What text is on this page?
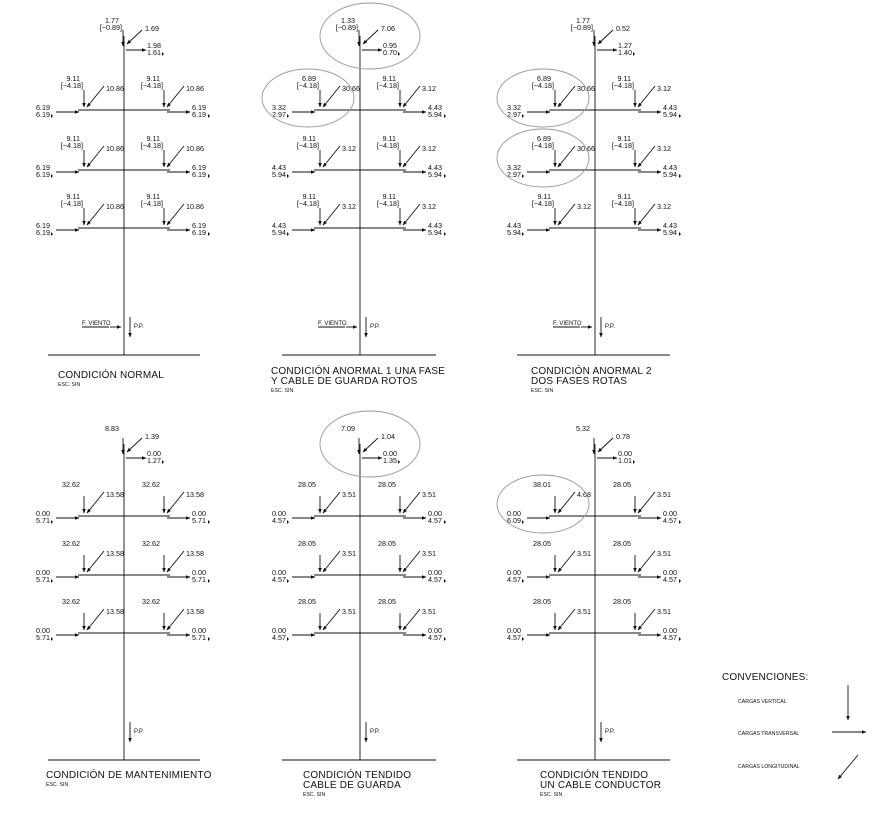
1.77
[−0.89]	1.69
1.98
1.61
9.11
[−4.18]	10.86
6.19
6.19
9.11
[−4.18]	10.86
6.19
6.19
9.11
[−4.18]	10.86
6.19
6.19
9.11
[−4.18]	10.86
6.19
6.19
9.11
[−4.18]	10.86
6.19
6.19
9.11
[−4.18]	10.86
6.19
6.19
F. VIENTO	P.P.
CONDICIÓN NORMAL
ESC. SIN
1.33
[−0.89]	7.06
0.95
0.70
6.89
[−4.18]	30.66
3.32
2.97
9.11
[−4.18]	3.12
4.43
5.94
9.11
[−4.18]	3.12
4.43
5.94
9.11
[−4.18]	3.12
4.43
5.94
9.11
[−4.18]	3.12
4.43
5.94
9.11
[−4.18]	3.12
4.43
5.94
F. VIENTO	P.P.
CONDICIÓN ANORMAL 1 UNA FASE
Y CABLE DE GUARDA ROTOS
ESC. SIN
1.77
[−0.89]	0.52
1.27
1.40
6.89
[−4.18]	30.66
3.32
2.97
9.11
[−4.18]	3.12
4.43
5.94
6.89
[−4.18]	30.66
3.32
2.97
9.11
[−4.18]	3.12
4.43
5.94
9.11
[−4.18]	3.12
4.43
5.94
9.11
[−4.18]	3.12
4.43
5.94
F. VIENTO	P.P.
CONDICIÓN ANORMAL 2
DOS FASES ROTAS
ESC. SIN
8.83
1.39
0.00
1.27
32.62
13.58
0.00
5.71
32.62
13.58
0.00
5.71
32.62
13.58
0.00
5.71
32.62
13.58
0.00
5.71
32.62
13.58
0.00
5.71
32.62
13.58
0.00
5.71
P.P.
CONDICIÓN DE MANTENIMIENTO
ESC. SIN
7.09
1.04
0.00
1.35
28.05
3.51
0.00
4.57
28.05
3.51
0.00
4.57
28.05
3.51
0.00
4.57
28.05
3.51
0.00
4.57
28.05
3.51
0.00
4.57
28.05
3.51
0.00
4.57
P.P.
CONDICIÓN TENDIDO
CABLE DE GUARDA
ESC. SIN
5.32
0.78
0.00
1.01
38.01
4.68
0.00
6.09
28.05
3.51
0.00
4.57
28.05
3.51
0.00
4.57
28.05
3.51
0.00
4.57
28.05
3.51
0.00
4.57
28.05
3.51
0.00
4.57
P.P.
CONDICIÓN TENDIDO
UN CABLE CONDUCTOR
ESC. SIN
CONVENCIONES:
CARGAS VERTICAL
CARGAS TRANSVERSAL
CARGAS LONGITUDINAL
